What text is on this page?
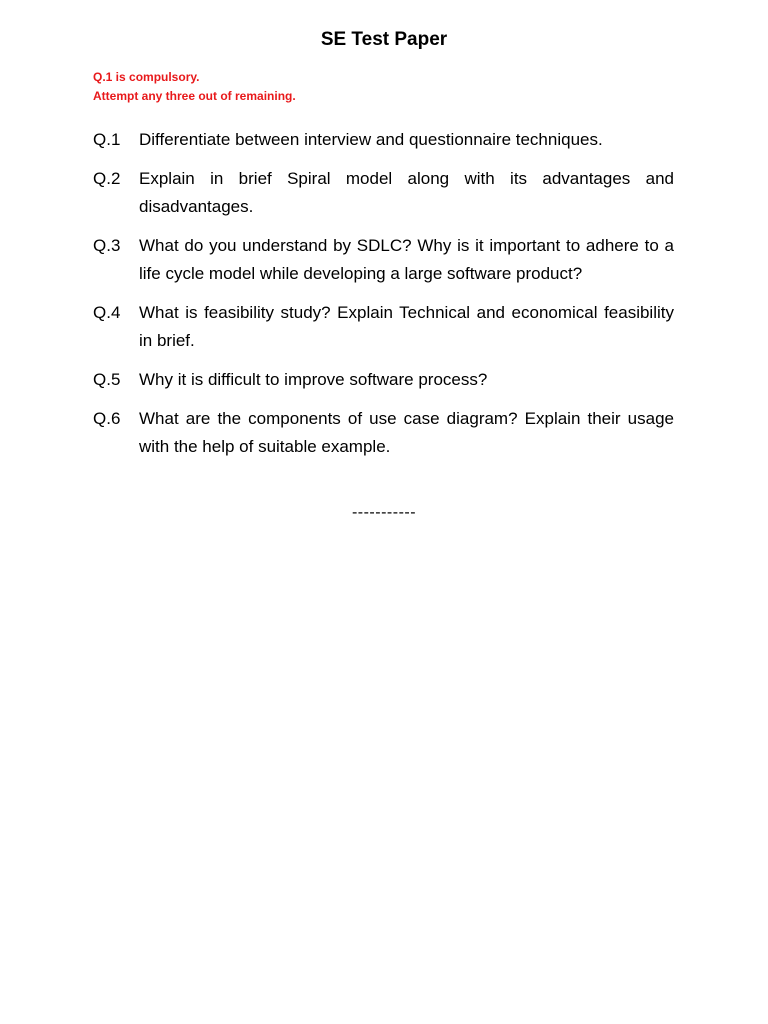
SE Test Paper
Q.1 is compulsory.
Attempt any three out of remaining.
Q.1	Differentiate between interview and questionnaire techniques.
Q.2	Explain in brief Spiral model along with its advantages and disadvantages.
Q.3	What do you understand by SDLC? Why is it important to adhere to a life cycle model while developing a large software product?
Q.4	What is feasibility study? Explain Technical and economical feasibility in brief.
Q.5	Why it is difficult to improve software process?
Q.6	What are the components of use case diagram? Explain their usage with the help of suitable example.
-----------
